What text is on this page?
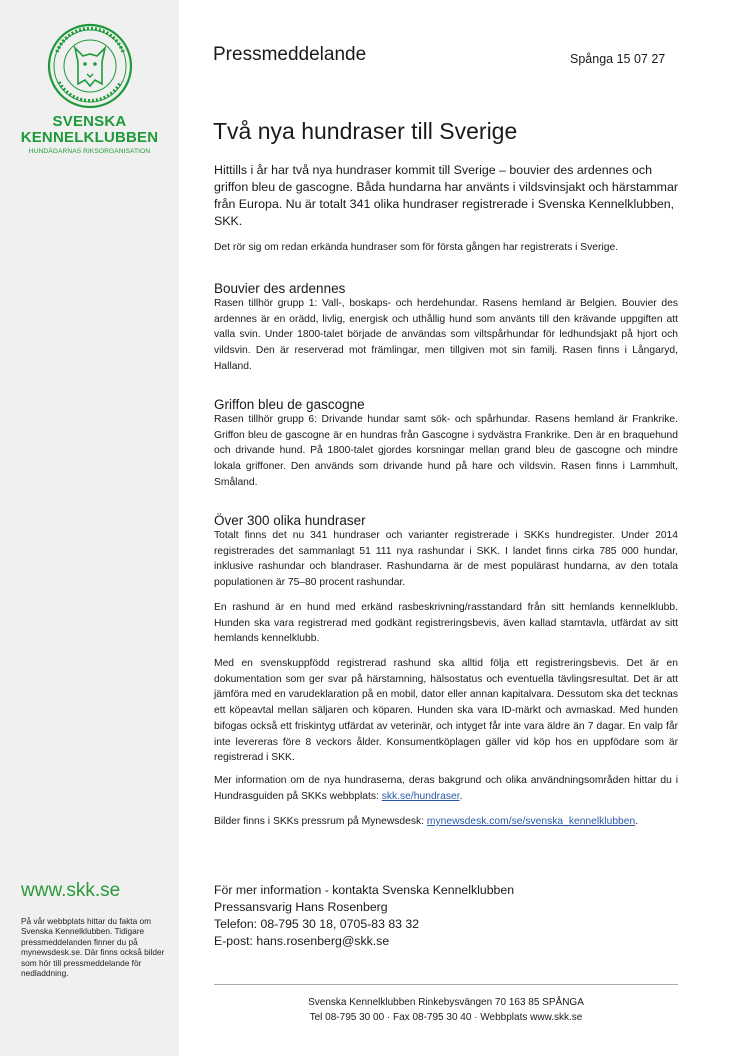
SVENSKA
KENNELKLUBBEN
HUNDÄGARNAS RIKSORGANISATION
www.skk.se
På vår webbplats hittar du fakta om Svenska Kennelklubben. Tidigare pressmeddelanden finner du på mynewsdesk.se. Där finns också bilder som hör till pressmeddelande för nedladdning.
Pressmeddelande	Spånga 15 07 27
Två nya hundraser till Sverige
Hittills i år har två nya hundraser kommit till Sverige – bouvier des ardennes och griffon bleu de gascogne. Båda hundarna har använts i vildsvinsjakt och härstammar från Europa. Nu är totalt 341 olika hundraser registrerade i Svenska Kennelklubben, SKK.
Det rör sig om redan erkända hundraser som för första gången har registrerats i Sverige.
Bouvier des ardennes
Rasen tillhör grupp 1: Vall-, boskaps- och herdehundar. Rasens hemland är Belgien. Bouvier des ardennes är en orädd, livlig, energisk och uthållig hund som använts till den krävande uppgiften att valla svin. Under 1800-talet började de användas som viltspårhundar för ledhundsjakt på hjort och vildsvin. Den är reserverad mot främlingar, men tillgiven mot sin familj. Rasen finns i Långaryd, Halland.
Griffon bleu de gascogne
Rasen tillhör grupp 6: Drivande hundar samt sök- och spårhundar. Rasens hemland är Frankrike. Griffon bleu de gascogne är en hundras från Gascogne i sydvästra Frankrike. Den är en braquehund och drivande hund. På 1800-talet gjordes korsningar mellan grand bleu de gascogne och mindre lokala griffoner. Den används som drivande hund på hare och vildsvin. Rasen finns i Lammhult, Småland.
Över 300 olika hundraser
Totalt finns det nu 341 hundraser och varianter registrerade i SKKs hundregister. Under 2014 registrerades det sammanlagt 51 111 nya rashundar i SKK. I landet finns cirka 785 000 hundar, inklusive rashundar och blandraser. Rashundarna är de mest populärast hundarna, av den totala populationen är 75–80 procent rashundar.
En rashund är en hund med erkänd rasbeskrivning/rasstandard från sitt hemlands kennelklubb. Hunden ska vara registrerad med godkänt registreringsbevis, även kallad stamtavla, utfärdat av sitt hemlands kennelklubb.
Med en svenskuppfödd registrerad rashund ska alltid följa ett registreringsbevis. Det är en dokumentation som ger svar på härstamning, hälsostatus och eventuella tävlingsresultat. Det är att jämföra med en varudeklaration på en mobil, dator eller annan kapitalvara. Dessutom ska det tecknas ett köpeavtal mellan säljaren och köparen. Hunden ska vara ID-märkt och avmaskad. Med hunden bifogas också ett friskintyg utfärdat av veterinär, och intyget får inte vara äldre än 7 dagar. En valp får inte levereras före 8 veckors ålder. Konsumentköplagen gäller vid köp hos en uppfödare som är registrerad i SKK.
Mer information om de nya hundraserna, deras bakgrund och olika användningsområden hittar du i Hundrasguiden på SKKs webbplats: skk.se/hundraser.
Bilder finns i SKKs pressrum på Mynewsdesk: mynewsdesk.com/se/svenska_kennelklubben.
För mer information - kontakta Svenska Kennelklubben
Pressansvarig Hans Rosenberg
Telefon: 08-795 30 18, 0705-83 83 32
E-post: hans.rosenberg@skk.se
Svenska Kennelklubben Rinkebysvängen 70 163 85 SPÅNGA
Tel 08-795 30 00 · Fax 08-795 30 40 · Webbplats www.skk.se
